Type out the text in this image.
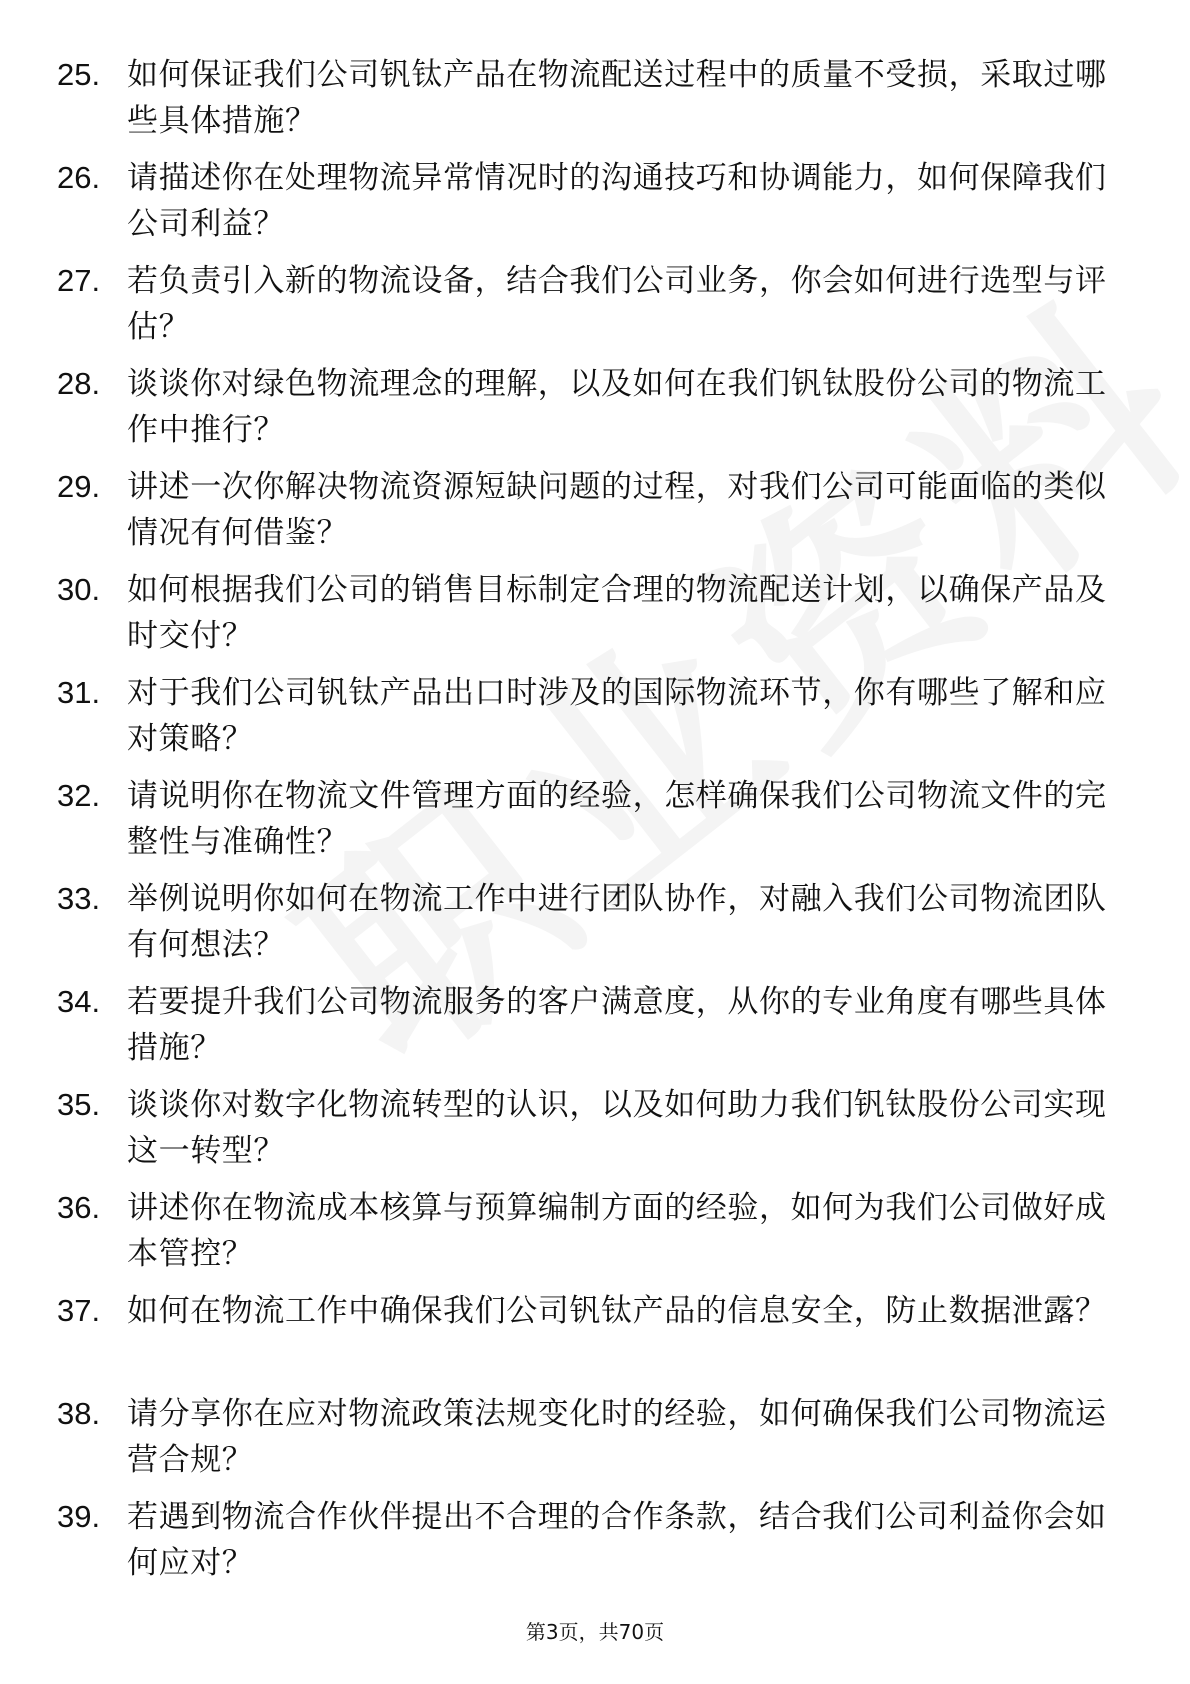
25. 如何保证我们公司钒钛产品在物流配送过程中的质量不受损，采取过哪些具体措施？
26. 请描述你在处理物流异常情况时的沟通技巧和协调能力，如何保障我们公司利益？
27. 若负责引入新的物流设备，结合我们公司业务，你会如何进行选型与评估？
28. 谈谈你对绿色物流理念的理解，以及如何在我们钒钛股份公司的物流工作中推行？
29. 讲述一次你解决物流资源短缺问题的过程，对我们公司可能面临的类似情况有何借鉴？
30. 如何根据我们公司的销售目标制定合理的物流配送计划，以确保产品及时交付？
31. 对于我们公司钒钛产品出口时涉及的国际物流环节，你有哪些了解和应对策略？
32. 请说明你在物流文件管理方面的经验，怎样确保我们公司物流文件的完整性与准确性？
33. 举例说明你如何在物流工作中进行团队协作，对融入我们公司物流团队有何想法？
34. 若要提升我们公司物流服务的客户满意度，从你的专业角度有哪些具体措施？
35. 谈谈你对数字化物流转型的认识，以及如何助力我们钒钛股份公司实现这一转型？
36. 讲述你在物流成本核算与预算编制方面的经验，如何为我们公司做好成本管控？
37. 如何在物流工作中确保我们公司钒钛产品的信息安全，防止数据泄露？
38. 请分享你在应对物流政策法规变化时的经验，如何确保我们公司物流运营合规？
39. 若遇到物流合作伙伴提出不合理的合作条款，结合我们公司利益你会如何应对？
第3页，共70页
